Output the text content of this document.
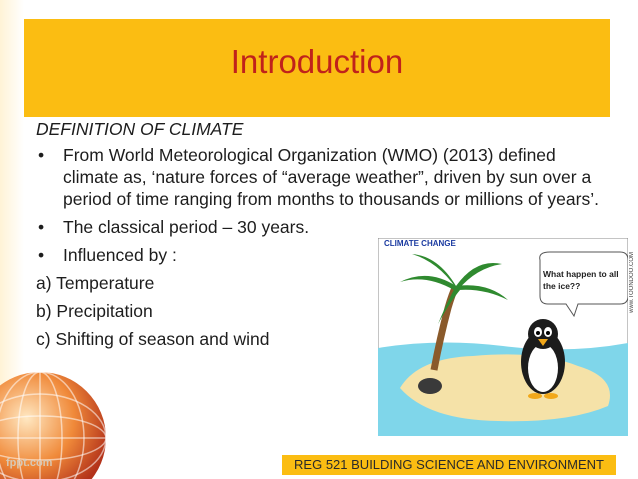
Introduction
DEFINITION OF CLIMATE
• From World Meteorological Organization (WMO) (2013) defined climate as, ‘nature forces of “average weather”, driven by sun over a period of time ranging from months to thousands or millions of years’.
• The classical period – 30 years.
• Influenced by :
a) Temperature
b) Precipitation
c) Shifting of season and wind
fppt.com
CLIMATE CHANGE
What happen to all the ice??	www.TOONDOO.COM
REG 521 BUILDING SCIENCE AND ENVIRONMENT
